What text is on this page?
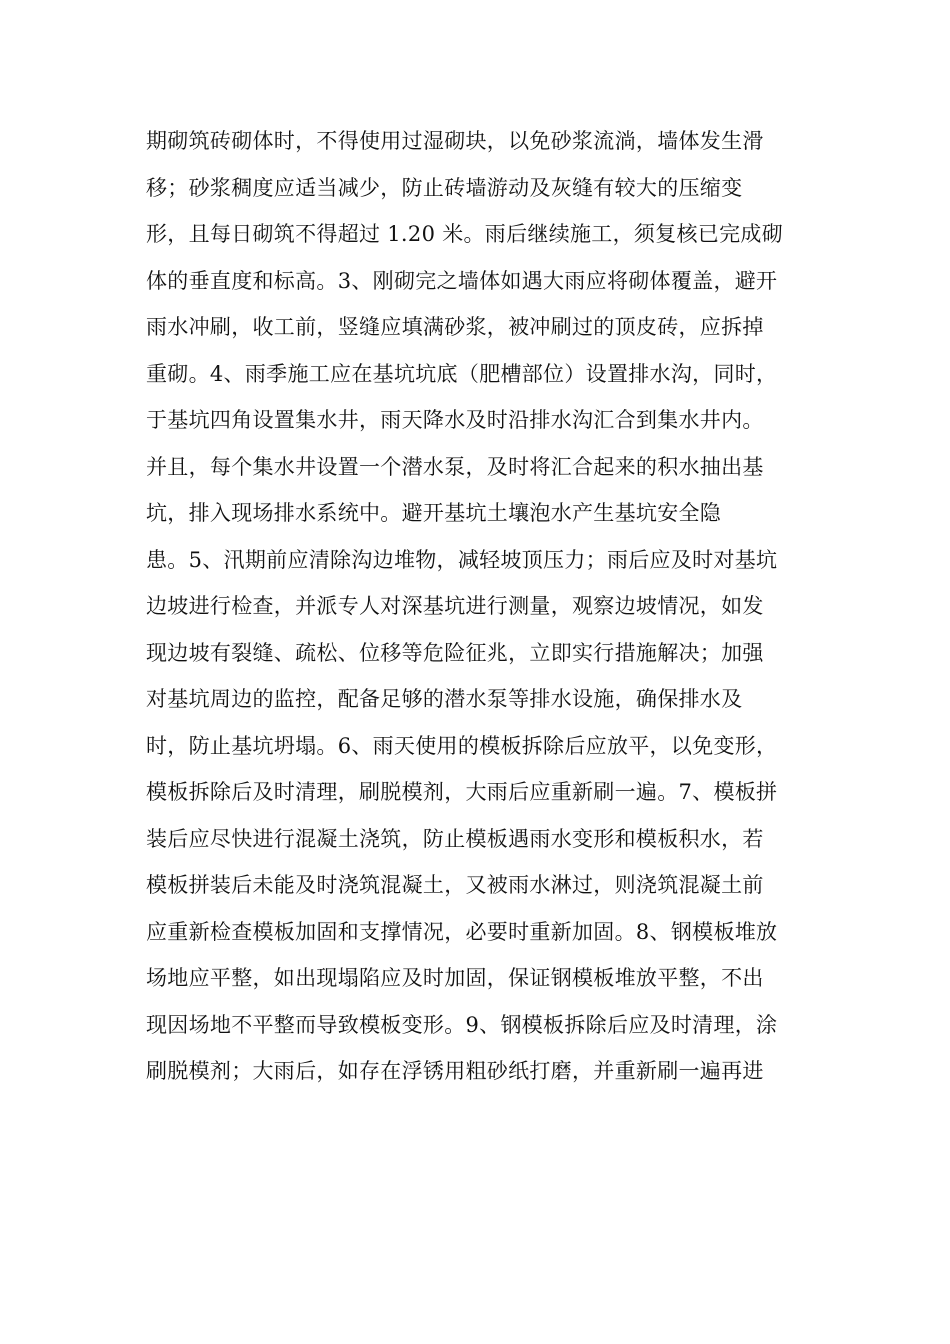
期砌筑砖砌体时，不得使用过湿砌块，以免砂浆流淌，墙体发生滑
移；砂浆稠度应适当减少，防止砖墙游动及灰缝有较大的压缩变
形，且每日砌筑不得超过 1.20 米。雨后继续施工，须复核已完成砌
体的垂直度和标高。3、刚砌完之墙体如遇大雨应将砌体覆盖，避开
雨水冲刷，收工前，竖缝应填满砂浆，被冲刷过的顶皮砖，应拆掉
重砌。4、雨季施工应在基坑坑底（肥槽部位）设置排水沟，同时，
于基坑四角设置集水井，雨天降水及时沿排水沟汇合到集水井内。
并且，每个集水井设置一个潜水泵，及时将汇合起来的积水抽出基
坑，排入现场排水系统中。避开基坑土壤泡水产生基坑安全隐
患。5、汛期前应清除沟边堆物，减轻坡顶压力；雨后应及时对基坑
边坡进行检查，并派专人对深基坑进行测量，观察边坡情况，如发
现边坡有裂缝、疏松、位移等危险征兆，立即实行措施解决；加强
对基坑周边的监控，配备足够的潜水泵等排水设施，确保排水及
时，防止基坑坍塌。6、雨天使用的模板拆除后应放平，以免变形，
模板拆除后及时清理，刷脱模剂，大雨后应重新刷一遍。7、模板拼
装后应尽快进行混凝土浇筑，防止模板遇雨水变形和模板积水，若
模板拼装后未能及时浇筑混凝土，又被雨水淋过，则浇筑混凝土前
应重新检查模板加固和支撑情况，必要时重新加固。8、钢模板堆放
场地应平整，如出现塌陷应及时加固，保证钢模板堆放平整，不出
现因场地不平整而导致模板变形。9、钢模板拆除后应及时清理，涂
刷脱模剂；大雨后，如存在浮锈用粗砂纸打磨，并重新刷一遍再进
